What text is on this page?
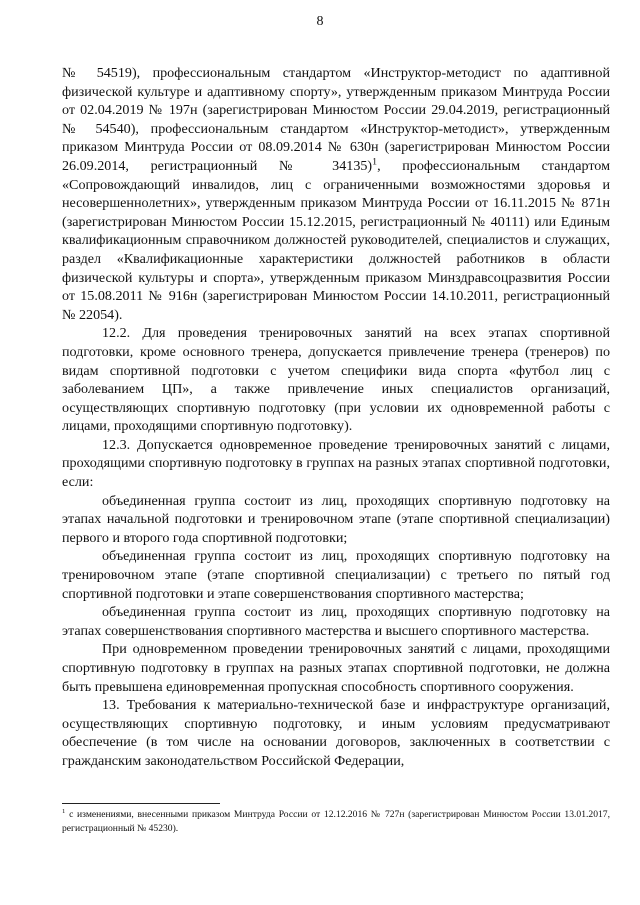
8

№ 54519), профессиональным стандартом «Инструктор-методист по адаптивной физической культуре и адаптивному спорту», утвержденным приказом Минтруда России от 02.04.2019 № 197н (зарегистрирован Минюстом России 29.04.2019, регистрационный № 54540), профессиональным стандартом «Инструктор-методист», утвержденным приказом Минтруда России от 08.09.2014 № 630н (зарегистрирован Минюстом России 26.09.2014, регистрационный № 34135)$^1$, профессиональным стандартом «Сопровождающий инвалидов, лиц с ограниченными возможностями здоровья и несовершеннолетних», утвержденным приказом Минтруда России от 16.11.2015 № 871н (зарегистрирован Минюстом России 15.12.2015, регистрационный № 40111) или Единым квалификационным справочником должностей руководителей, специалистов и служащих, раздел «Квалификационные характеристики должностей работников в области физической культуры и спорта», утвержденным приказом Минздравсоцразвития России от 15.08.2011 № 916н (зарегистрирован Минюстом России 14.10.2011, регистрационный № 22054).

12.2. Для проведения тренировочных занятий на всех этапах спортивной подготовки, кроме основного тренера, допускается привлечение тренера (тренеров) по видам спортивной подготовки с учетом специфики вида спорта «футбол лиц с заболеванием ЦП», а также привлечение иных специалистов организаций, осуществляющих спортивную подготовку (при условии их одновременной работы с лицами, проходящими спортивную подготовку).

12.3. Допускается одновременное проведение тренировочных занятий с лицами, проходящими спортивную подготовку в группах на разных этапах спортивной подготовки, если:

объединенная группа состоит из лиц, проходящих спортивную подготовку на этапах начальной подготовки и тренировочном этапе (этапе спортивной специализации) первого и второго года спортивной подготовки;

объединенная группа состоит из лиц, проходящих спортивную подготовку на тренировочном этапе (этапе спортивной специализации) с третьего по пятый год спортивной подготовки и этапе совершенствования спортивного мастерства;

объединенная группа состоит из лиц, проходящих спортивную подготовку на этапах совершенствования спортивного мастерства и высшего спортивного мастерства.

При одновременном проведении тренировочных занятий с лицами, проходящими спортивную подготовку в группах на разных этапах спортивной подготовки, не должна быть превышена единовременная пропускная способность спортивного сооружения.

13. Требования к материально-технической базе и инфраструктуре организаций, осуществляющих спортивную подготовку, и иным условиям предусматривают обеспечение (в том числе на основании договоров, заключенных в соответствии с гражданским законодательством Российской Федерации,

$^1$ с изменениями, внесенными приказом Минтруда России от 12.12.2016 № 727н (зарегистрирован Минюстом России 13.01.2017, регистрационный № 45230).
